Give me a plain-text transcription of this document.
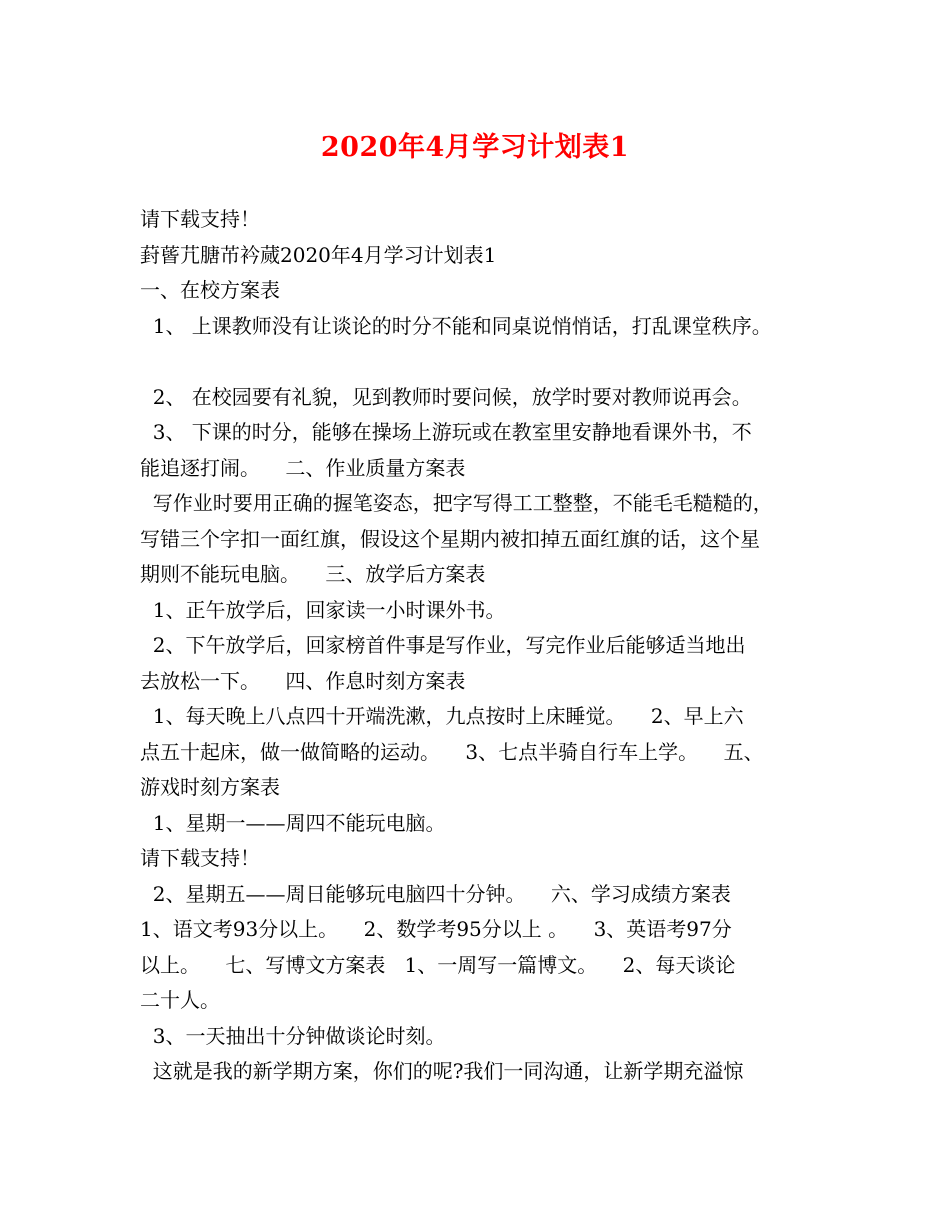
2020年4月学习计划表1
请下载支持！
葑蒈芁膅芇衿蒇2020年4月学习计划表1
一、在校方案表
1、 上课教师没有让谈论的时分不能和同桌说悄悄话，打乱课堂秩序。
2、 在校园要有礼貌，见到教师时要问候，放学时要对教师说再会。
3、 下课的时分，能够在操场上游玩或在教室里安静地看课外书，不
能追逐打闹。    二、作业质量方案表
写作业时要用正确的握笔姿态，把字写得工工整整，不能毛毛糙糙的，
写错三个字扣一面红旗，假设这个星期内被扣掉五面红旗的话，这个星
期则不能玩电脑。    三、放学后方案表
1、正午放学后，回家读一小时课外书。
2、下午放学后，回家榜首件事是写作业，写完作业后能够适当地出
去放松一下。    四、作息时刻方案表
1、每天晚上八点四十开端洗漱，九点按时上床睡觉。    2、早上六
点五十起床，做一做简略的运动。    3、七点半骑自行车上学。    五、
游戏时刻方案表
1、星期一——周四不能玩电脑。
请下载支持！
2、星期五——周日能够玩电脑四十分钟。    六、学习成绩方案表
1、语文考93分以上。    2、数学考95分以上 。    3、英语考97分
以上。    七、写博文方案表   1、一周写一篇博文。    2、每天谈论
二十人。
3、一天抽出十分钟做谈论时刻。
这就是我的新学期方案，你们的呢?我们一同沟通，让新学期充溢惊
